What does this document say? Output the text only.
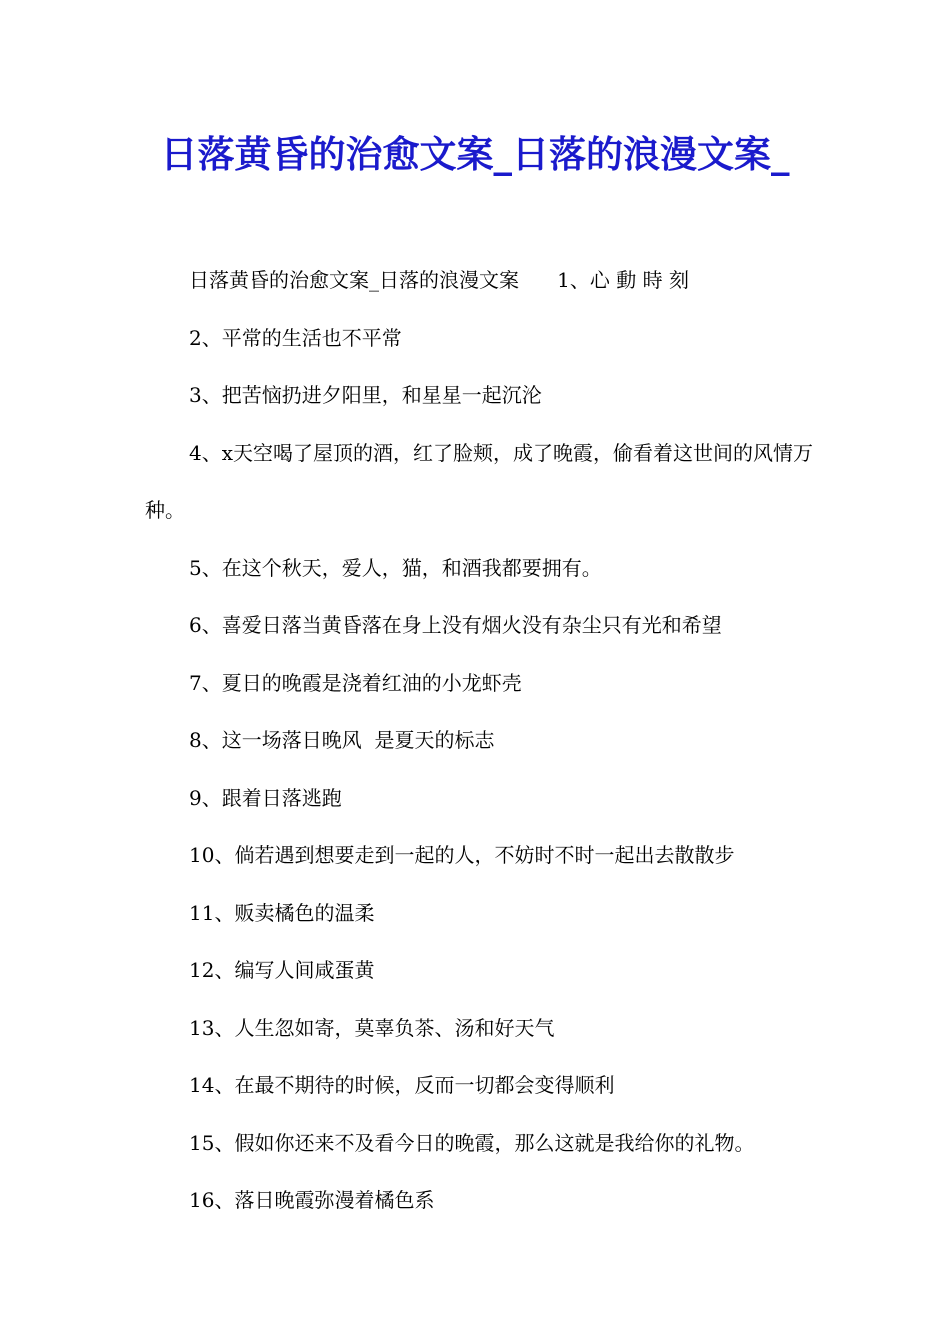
日落黄昏的治愈文案_日落的浪漫文案_

日落黄昏的治愈文案_日落的浪漫文案      1、心 動 時 刻

2、平常的生活也不平常

3、把苦恼扔进夕阳里，和星星一起沉沦

4、x天空喝了屋顶的酒，红了脸颊，成了晚霞，偷看着这世间的风情万种。

5、在这个秋天，爱人，猫，和酒我都要拥有。

6、喜爱日落当黄昏落在身上没有烟火没有杂尘只有光和希望

7、夏日的晚霞是浇着红油的小龙虾壳

8、这一场落日晚风  是夏天的标志

9、跟着日落逃跑

10、倘若遇到想要走到一起的人，不妨时不时一起出去散散步

11、贩卖橘色的温柔

12、编写人间咸蛋黄

13、人生忽如寄，莫辜负茶、汤和好天气

14、在最不期待的时候，反而一切都会变得顺利

15、假如你还来不及看今日的晚霞，那么这就是我给你的礼物。

16、落日晚霞弥漫着橘色系
